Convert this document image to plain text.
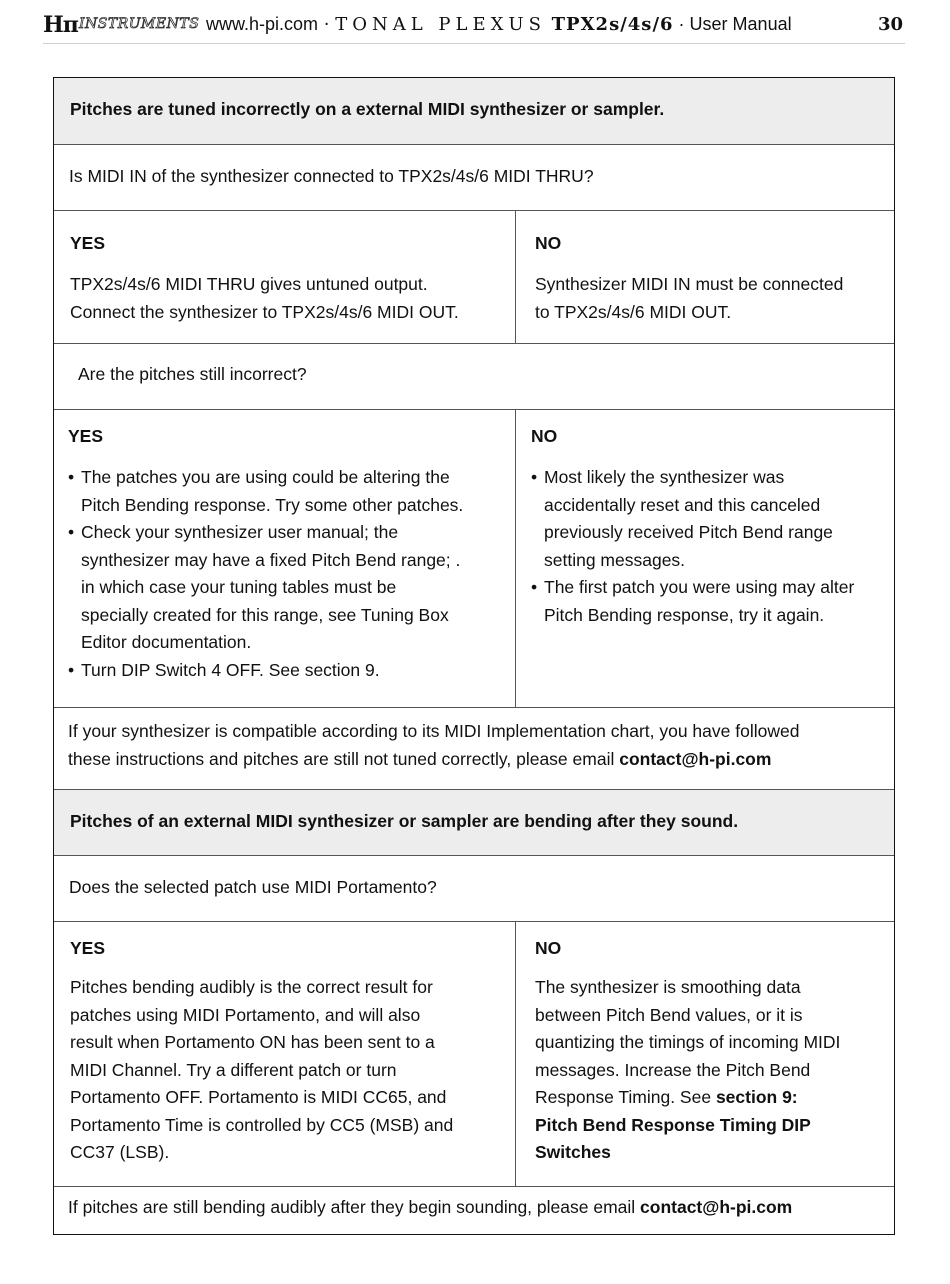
Hπ INSTRUMENTS www.h-pi.com · TONAL PLEXUS TPX2s/4s/6 · User Manual	30
Pitches are tuned incorrectly on a external MIDI synthesizer or sampler.
Is MIDI IN of the synthesizer connected to TPX2s/4s/6 MIDI THRU?
YES

TPX2s/4s/6 MIDI THRU gives untuned output.

Connect the synthesizer to TPX2s/4s/6 MIDI OUT.

NO

Synthesizer MIDI IN must be connected

to TPX2s/4s/6 MIDI OUT.

Are the pitches still incorrect?
YES

• The patches you are using could be altering the

Pitch Bending response. Try some other patches.

• Check your synthesizer user manual; the

synthesizer may have a fixed Pitch Bend range; .

in which case your tuning tables must be

specially created for this range, see Tuning Box

Editor documentation.

• Turn DIP Switch 4 OFF. See section 9.

NO

• Most likely the synthesizer was

accidentally reset and this canceled

previously received Pitch Bend range

setting messages.

• The first patch you were using may alter

Pitch Bending response, try it again.

If your synthesizer is compatible according to its MIDI Implementation chart, you have followed

these instructions and pitches are still not tuned correctly, please email contact@h-pi.com

Pitches of an external MIDI synthesizer or sampler are bending after they sound.
Does the selected patch use MIDI Portamento?
YES

Pitches bending audibly is the correct result for

patches using MIDI Portamento, and will also

result when Portamento ON has been sent to a

MIDI Channel. Try a different patch or turn

Portamento OFF. Portamento is MIDI CC65, and

Portamento Time is controlled by CC5 (MSB) and

CC37 (LSB).

NO

The synthesizer is smoothing data

between Pitch Bend values, or it is

quantizing the timings of incoming MIDI

messages. Increase the Pitch Bend

Response Timing. See section 9:

Pitch Bend Response Timing DIP

Switches

If pitches are still bending audibly after they begin sounding, please email contact@h-pi.com
